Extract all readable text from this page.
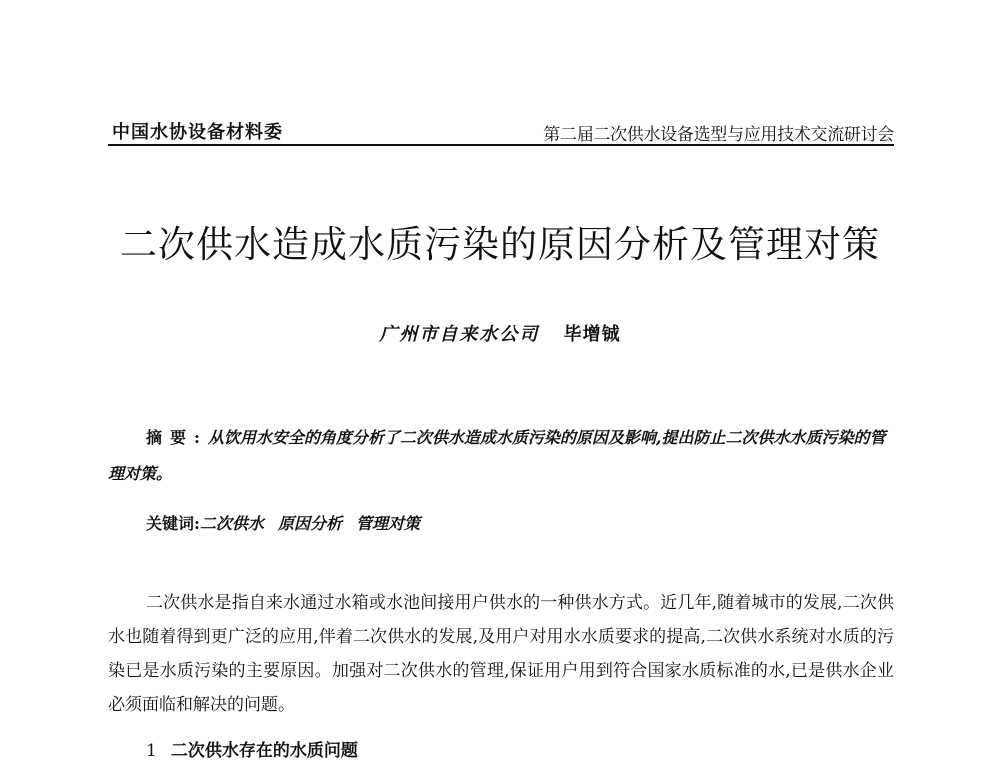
中国水协设备材料委	第二届二次供水设备选型与应用技术交流研讨会
二次供水造成水质污染的原因分析及管理对策
广州市自来水公司 毕增铖
摘要:从饮用水安全的角度分析了二次供水造成水质污染的原因及影响,提出防止二次供水水质污染的管理对策。
关键词:二次供水 原因分析 管理对策
二次供水是指自来水通过水箱或水池间接用户供水的一种供水方式。近几年,随着城市的发展,二次供水也随着得到更广泛的应用,伴着二次供水的发展,及用户对用水水质要求的提高,二次供水系统对水质的污染已是水质污染的主要原因。加强对二次供水的管理,保证用户用到符合国家水质标准的水,已是供水企业必须面临和解决的问题。
1 二次供水存在的水质问题
